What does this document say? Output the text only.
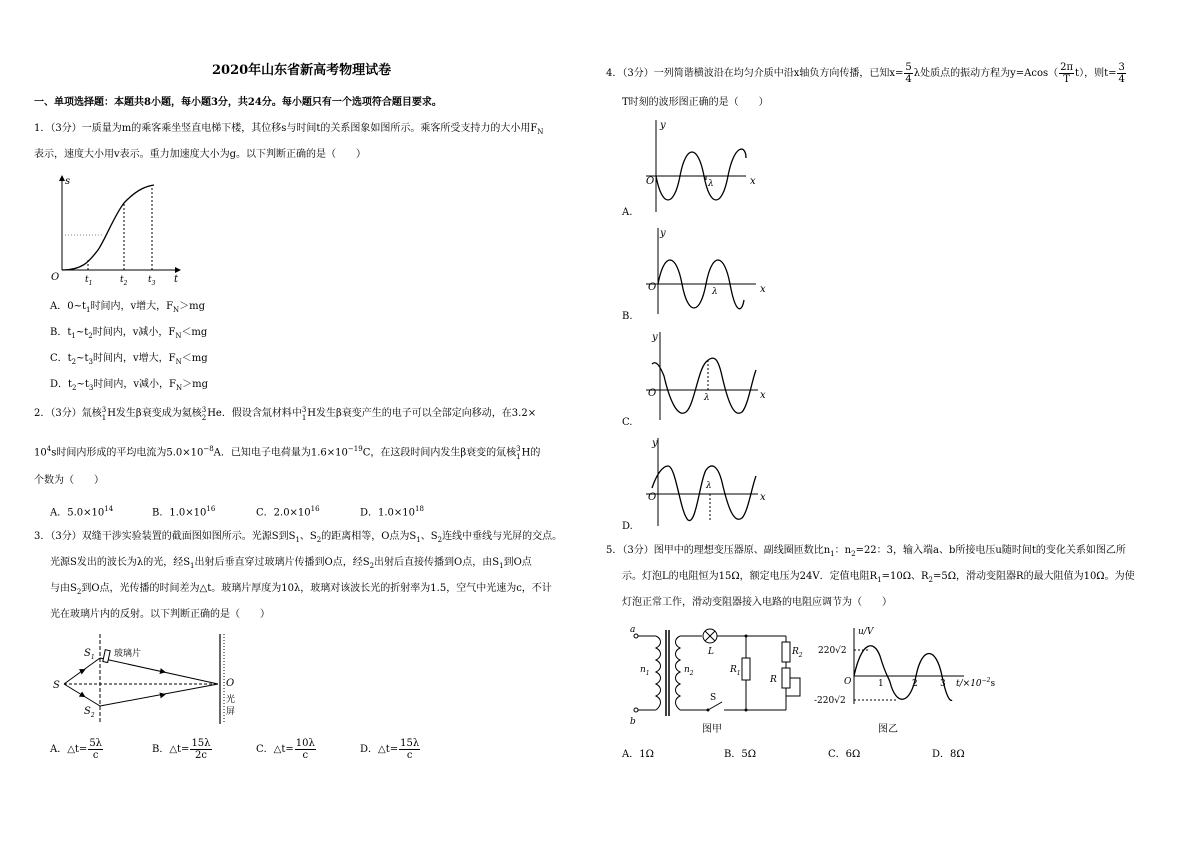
2020年山东省新高考物理试卷
一、单项选择题：本题共8小题，每小题3分，共24分。每小题只有一个选项符合题目要求。
1．（3分）一质量为m的乘客乘坐竖直电梯下楼，其位移s与时间t的关系图象如图所示。乘客所受支持力的大小用$F_N$
表示，速度大小用v表示。重力加速度大小为g。以下判断正确的是（　　）
s
t
O	$t_1$	$t_2$ $t_3$
A．$0\sim t_1$时间内，v增大，$F_N>mg$
B．$t_1\sim t_2$时间内，v减小，$F_N<mg$
C．$t_2\sim t_3$时间内，v增大，$F_N<mg$
D．$t_2\sim t_3$时间内，v减小，$F_N>mg$
2．（3分）氚核 3
1 H发生β衰变成为氦核 3
2 He．假设含氚材料中 3
1 H发生β衰变产生的电子可以全部定向移动，在3.2×
$10^4s$时间内形成的平均电流为$5.0\times 10^{-8}A$．已知电子电荷量为$1.6\times 10^{-19}C$，在这段时间内发生β衰变的氚核 3
1 H的
个数为（　　）
A．$5.0\times 10^{14}$	B．$1.0\times 10^{16}$	C．$2.0\times 10^{16}$	D．$1.0\times 10^{18}$
3．（3分）双缝干涉实验装置的截面图如图所示。光源S到$S_1$、$S_2$的距离相等，O点为$S_1$、$S_2$连线中垂线与光屏的交点。
光源S发出的波长为λ的光，经$S_1$出射后垂直穿过玻璃片传播到O点，经$S_2$出射后直接传播到O点，由$S_1$到O点
与由$S_2$到O点，光传播的时间差为△t。玻璃片厚度为10λ，玻璃对该波长光的折射率为1.5，空气中光速为c，不计
光在玻璃片内的反射。以下判断正确的是（　　）
S
$S_1$
$S_2$
玻璃片
O
光
屏
A．△t= $\frac{5\lambda}{c}$	B．△t= $\frac{15\lambda}{2c}$	C．△t= $\frac{10\lambda}{c}$	D．△t= $\frac{15\lambda}{c}$
4．（3分）一列简谐横波沿在均匀介质中沿x轴负方向传播，已知$x= \frac{5}{4}$ λ处质点的振动方程为$y=Acos( \frac{2\pi}{T} t)$，则$t= \frac{3}{4}$
T时刻的波形图正确的是（　　）
y
x
O	λ
A.
y
x
O	λ
B.
y
x
O	λ
C.
y
x
O
λ
D.
5．（3分）图甲中的理想变压器原、副线圈匝数比$n_1$：$n_2=22$：3，输入端a、b所接电压u随时间t的变化关系如图乙所
示。灯泡L的电阻恒为15Ω，额定电压为24V．定值电阻$R_1=10\Omega$、$R_2=5\Omega$，滑动变阻器R的最大阻值为10Ω。为使
灯泡正常工作，滑动变阻器接入电路的电阻应调节为（　　）
a
b
$n_1$	$n_2$
L
$R_1$
$R_2$
R
S
图甲
u/V
220√2
-220√2
O	1	2 3 $t/\times 10^{-2}s$
图乙
A．1Ω	B．5Ω	C．6Ω	D．8Ω
